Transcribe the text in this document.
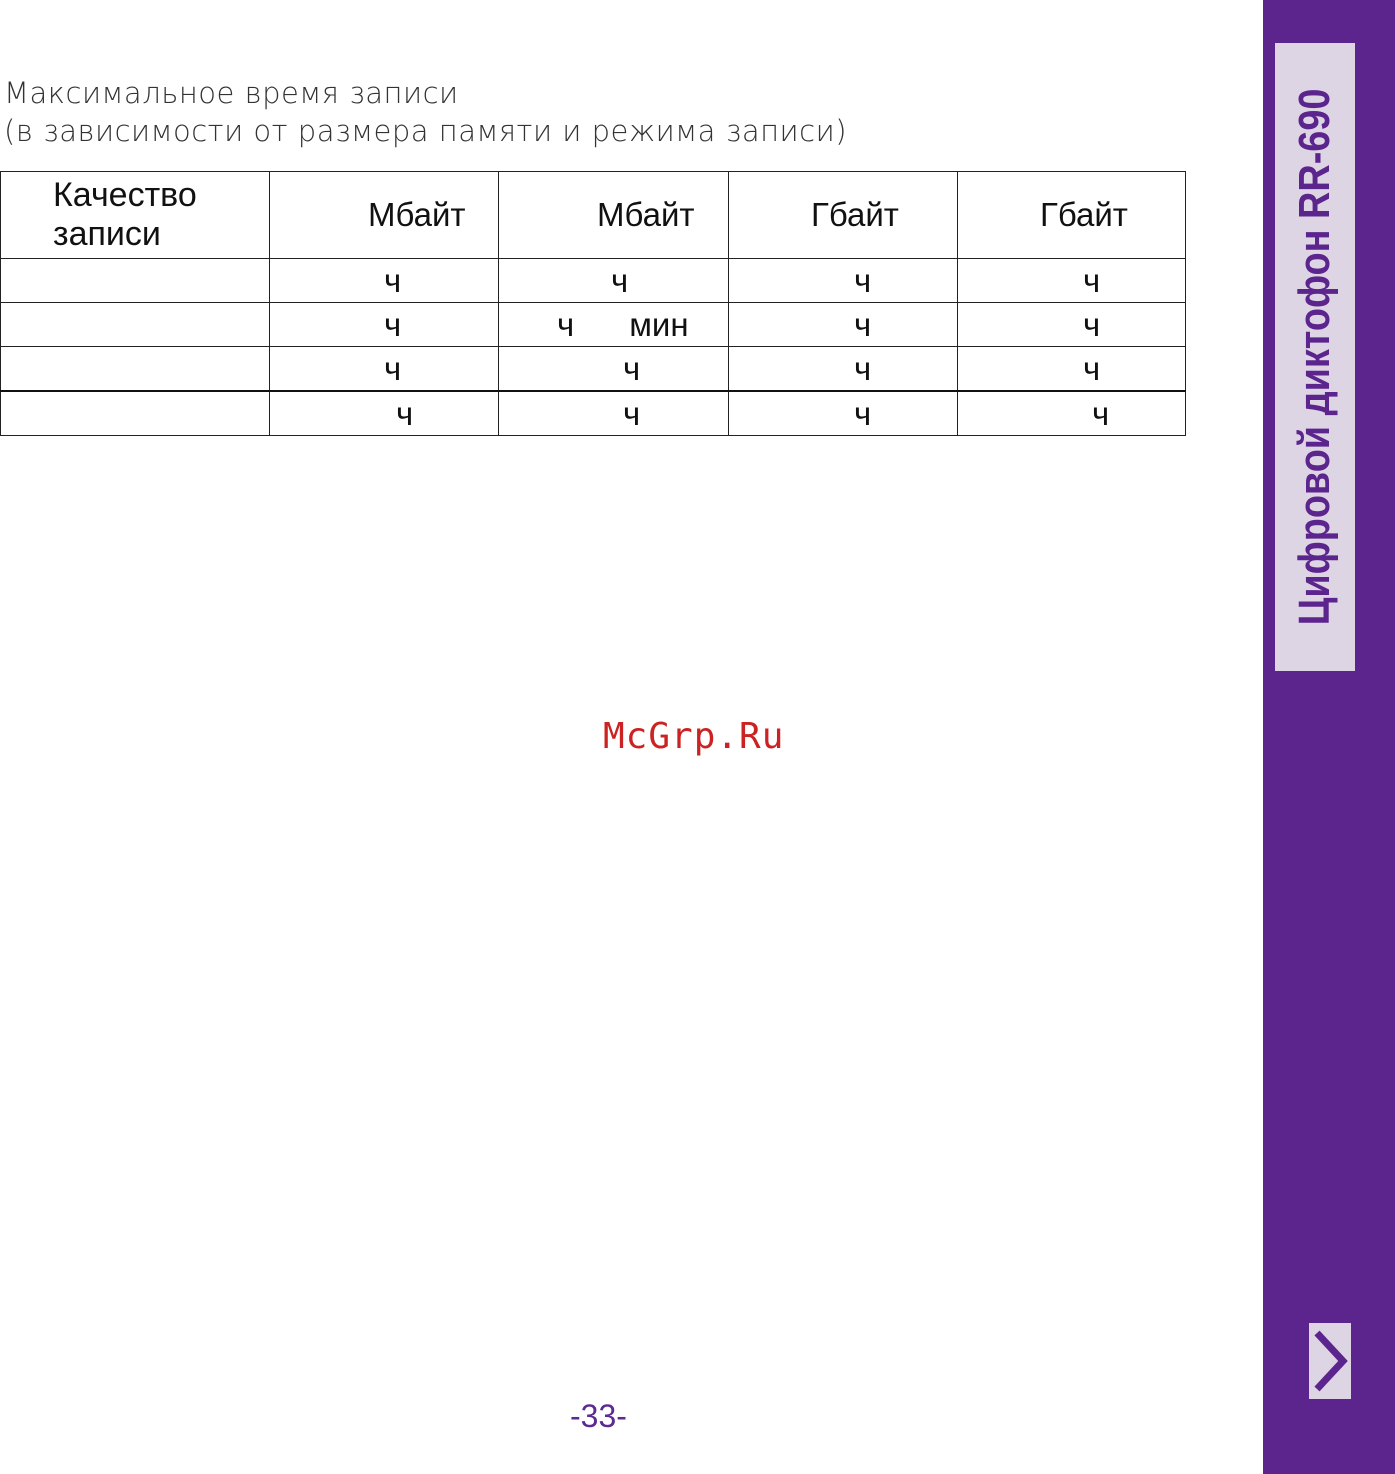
Максимальное время записи
(в зависимости от размера памяти и режима записи)
Качество
записи	Мбайт	Мбайт	Гбайт	Гбайт
	ч	ч	ч	ч
	ч	ч      мин	ч	ч
	ч	ч	ч	ч
	ч	ч	ч	ч
McGrp.Ru
-33-
Цифровой диктофон RR-690
